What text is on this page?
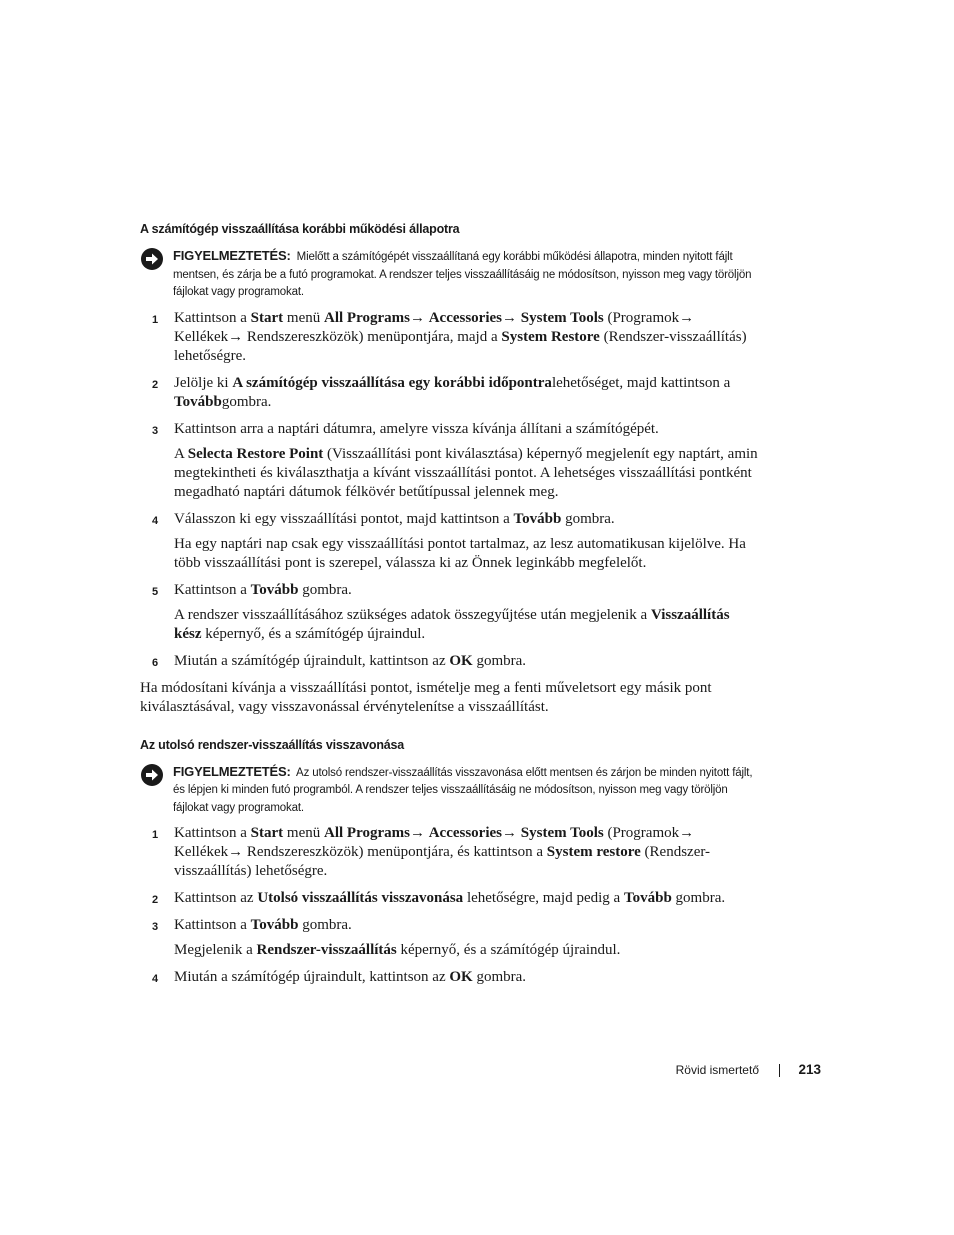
A számítógép visszaállítása korábbi működési állapotra
FIGYELMEZTETÉS: Mielőtt a számítógépét visszaállítaná egy korábbi működési állapotra, minden nyitott fájlt mentsen, és zárja be a futó programokat. A rendszer teljes visszaállításáig ne módosítson, nyisson meg vagy töröljön fájlokat vagy programokat.
1 Kattintson a Start menü All Programs→ Accessories→ System Tools (Programok→ Kellékek→ Rendszereszközök) menüpontjára, majd a System Restore (Rendszer-visszaállítás) lehetőségre.

2 Jelölje ki A számítógép visszaállítása egy korábbi időpontralehetőséget, majd kattintson a Továbbgombra.

3 Kattintson arra a naptári dátumra, amelyre vissza kívánja állítani a számítógépét.

A Selecta Restore Point (Visszaállítási pont kiválasztása) képernyő megjelenít egy naptárt, amin megtekintheti és kiválaszthatja a kívánt visszaállítási pontot. A lehetséges visszaállítási pontként megadható naptári dátumok félkövér betűtípussal jelennek meg.

4 Válasszon ki egy visszaállítási pontot, majd kattintson a Tovább gombra.

Ha egy naptári nap csak egy visszaállítási pontot tartalmaz, az lesz automatikusan kijelölve. Ha több visszaállítási pont is szerepel, válassza ki az Önnek leginkább megfelelőt.

5 Kattintson a Tovább gombra.

A rendszer visszaállításához szükséges adatok összegyűjtése után megjelenik a Visszaállítás kész képernyő, és a számítógép újraindul.

6 Miután a számítógép újraindult, kattintson az OK gombra.

Ha módosítani kívánja a visszaállítási pontot, ismételje meg a fenti műveletsort egy másik pont kiválasztásával, vagy visszavonással érvénytelenítse a visszaállítást.

Az utolsó rendszer-visszaállítás visszavonása
FIGYELMEZTETÉS: Az utolsó rendszer-visszaállítás visszavonása előtt mentsen és zárjon be minden nyitott fájlt, és lépjen ki minden futó programból. A rendszer teljes visszaállításáig ne módosítson, nyisson meg vagy töröljön fájlokat vagy programokat.
1 Kattintson a Start menü All Programs→ Accessories→ System Tools (Programok→ Kellékek→ Rendszereszközök) menüpontjára, és kattintson a System restore (Rendszer-visszaállítás) lehetőségre.

2 Kattintson az Utolsó visszaállítás visszavonása lehetőségre, majd pedig a Tovább gombra.

3 Kattintson a Tovább gombra.

Megjelenik a Rendszer-visszaállítás képernyő, és a számítógép újraindul.

4 Miután a számítógép újraindult, kattintson az OK gombra.

Rövid ismertető	213
